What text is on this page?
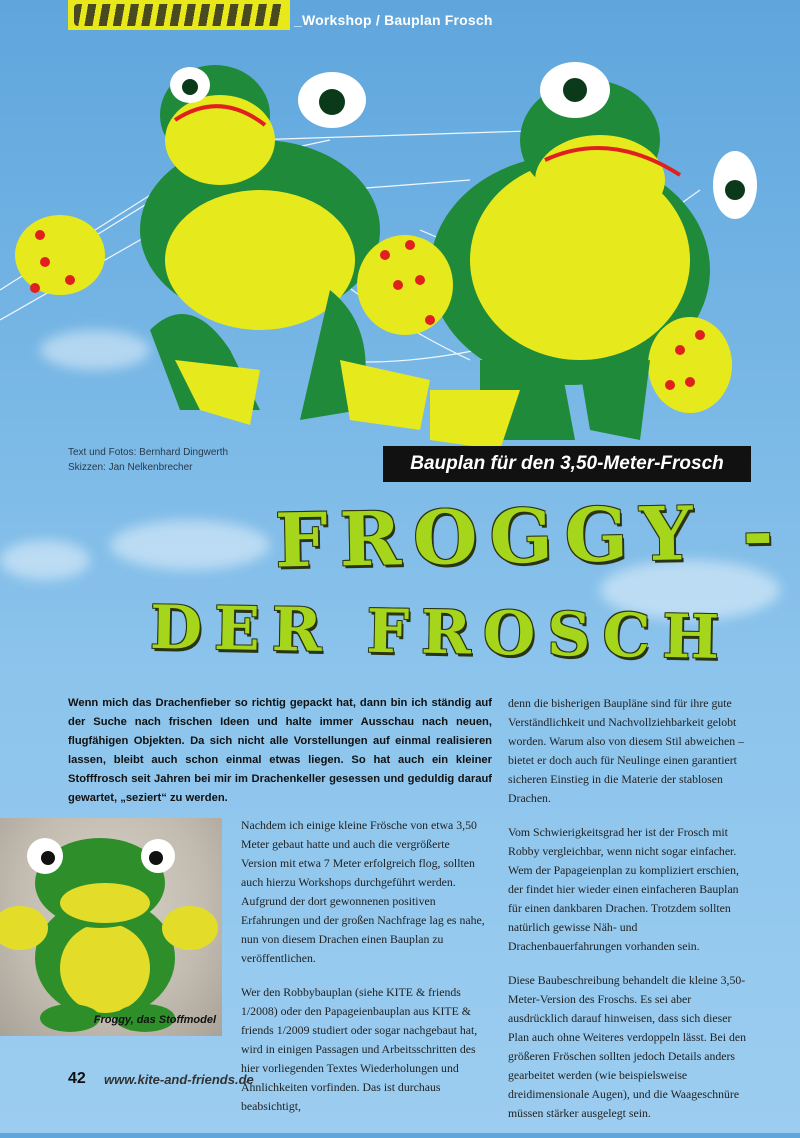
_Workshop / Bauplan Frosch
Text und Fotos: Bernhard Dingwerth
Skizzen: Jan Nelkenbrecher	Bauplan für den 3,50-Meter-Frosch
FROGGY -
DER FROSCH
Wenn mich das Drachenfieber so richtig gepackt hat, dann bin ich ständig auf der Suche nach frischen Ideen und halte immer Ausschau nach neuen, flugfähigen Objekten. Da sich nicht alle Vorstellungen auf einmal realisieren lassen, bleibt auch schon einmal etwas liegen. So hat auch ein kleiner Stofffrosch seit Jahren bei mir im Drachenkeller gesessen und geduldig darauf gewartet, „seziert“ zu werden.

Nachdem ich einige kleine Frösche von etwa 3,50 Meter gebaut hatte und auch die vergrößerte Version mit etwa 7 Meter erfolgreich flog, sollten auch hierzu Workshops durchgeführt werden. Aufgrund der dort gewonnenen positiven Erfahrungen und der großen Nachfrage lag es nahe, nun von diesem Drachen einen Bauplan zu veröffentlichen.

Wer den Robbybauplan (siehe KITE & friends 1/2008) oder den Papageienbauplan aus KITE & friends 1/2009 studiert oder sogar nachgebaut hat, wird in einigen Passagen und Arbeitsschritten des hier vorliegenden Textes Wiederholungen und Ähnlichkeiten vorfinden. Das ist durchaus beabsichtigt,

denn die bisherigen Baupläne sind für ihre gute Verständlichkeit und Nachvollziehbarkeit gelobt worden. Warum also von diesem Stil abweichen – bietet er doch auch für Neulinge einen garantiert sicheren Einstieg in die Materie der stablosen Drachen.

Vom Schwierigkeitsgrad her ist der Frosch mit Robby vergleichbar, wenn nicht sogar einfacher. Wem der Papageienplan zu kompliziert erschien, der findet hier wieder einen einfacheren Bauplan für einen dankbaren Drachen. Trotzdem sollten natürlich gewisse Näh- und Drachenbauerfahrungen vorhanden sein.

Diese Baubeschreibung behandelt die kleine 3,50-Meter-Version des Froschs. Es sei aber ausdrücklich darauf hinweisen, dass sich dieser Plan auch ohne Weiteres verdoppeln lässt. Bei den größeren Fröschen sollten jedoch Details anders gearbeitet werden (wie beispielsweise dreidimensionale Augen), und die Waageschnüre müssen stärker ausgelegt sein.

Froggy, das Stoffmodel
42 www.kite-and-friends.de
